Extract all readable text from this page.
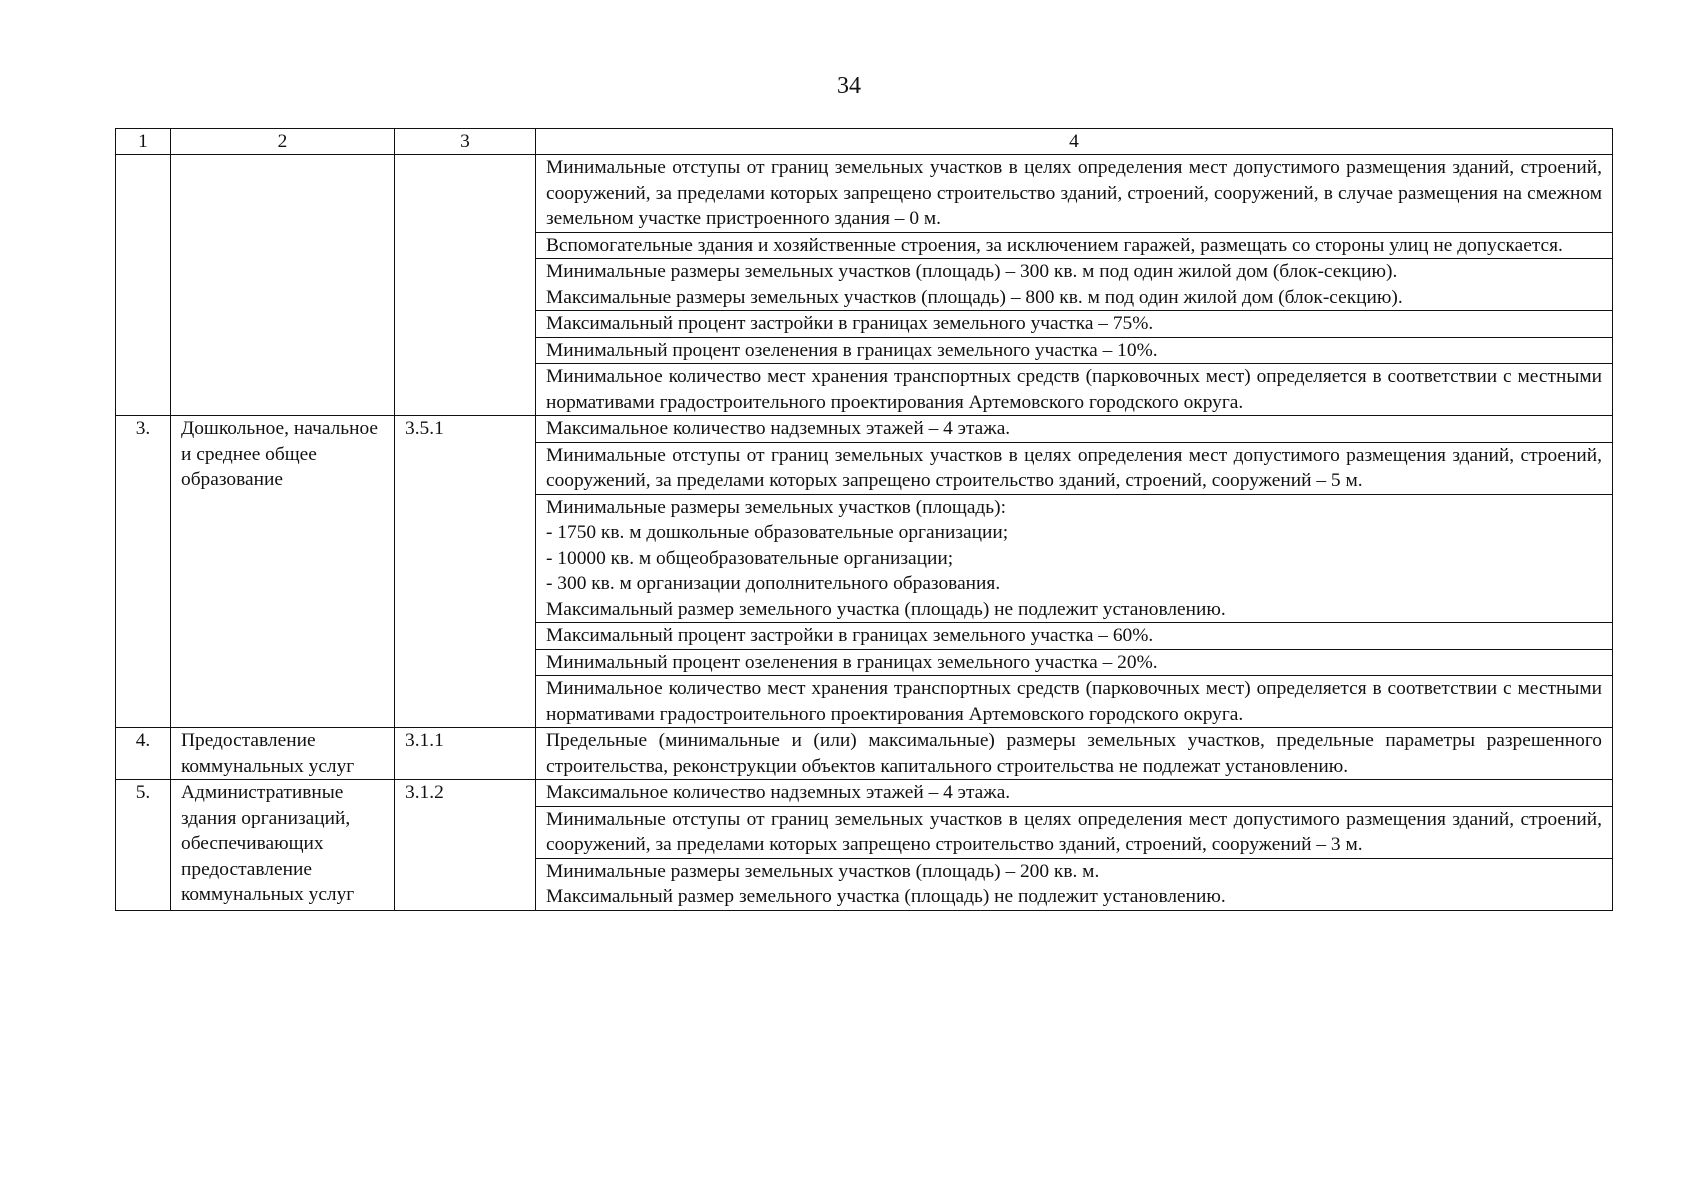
34
1	2	3	4

			Минимальные отступы от границ земельных участков в целях определения мест допустимого размещения зданий, строений, сооружений, за пределами которых запрещено строительство зданий, строений, сооружений, в случае размещения на смежном земельном участке пристроенного здания – 0 м.

			Вспомогательные здания и хозяйственные строения, за исключением гаражей, размещать со стороны улиц не допускается.

			Минимальные размеры земельных участков (площадь) – 300 кв. м под один жилой дом (блок-секцию).
Максимальные размеры земельных участков (площадь) – 800 кв. м под один жилой дом (блок-секцию).

			Максимальный процент застройки в границах земельного участка – 75%.

			Минимальный процент озеленения в границах земельного участка – 10%.

			Минимальное количество мест хранения транспортных средств (парковочных мест) определяется в соответствии с местными нормативами градостроительного проектирования Артемовского городского округа.

3.	Дошкольное, начальное и среднее общее образование	3.5.1	Максимальное количество надземных этажей – 4 этажа.

			Минимальные отступы от границ земельных участков в целях определения мест допустимого размещения зданий, строений, сооружений, за пределами которых запрещено строительство зданий, строений, сооружений – 5 м.

			Минимальные размеры земельных участков (площадь):
- 1750 кв. м дошкольные образовательные организации;
- 10000 кв. м общеобразовательные организации;
- 300 кв. м организации дополнительного образования.
Максимальный размер земельного участка (площадь) не подлежит установлению.

			Максимальный процент застройки в границах земельного участка – 60%.

			Минимальный процент озеленения в границах земельного участка – 20%.

			Минимальное количество мест хранения транспортных средств (парковочных мест) определяется в соответствии с местными нормативами градостроительного проектирования Артемовского городского округа.

4.	Предоставление коммунальных услуг	3.1.1	Предельные (минимальные и (или) максимальные) размеры земельных участков, предельные параметры разрешенного строительства, реконструкции объектов капитального строительства не подлежат установлению.

5.	Административные здания организаций, обеспечивающих предоставление коммунальных услуг	3.1.2	Максимальное количество надземных этажей – 4 этажа.

			Минимальные отступы от границ земельных участков в целях определения мест допустимого размещения зданий, строений, сооружений, за пределами которых запрещено строительство зданий, строений, сооружений – 3 м.

			Минимальные размеры земельных участков (площадь) – 200 кв. м.
Максимальный размер земельного участка (площадь) не подлежит установлению.
